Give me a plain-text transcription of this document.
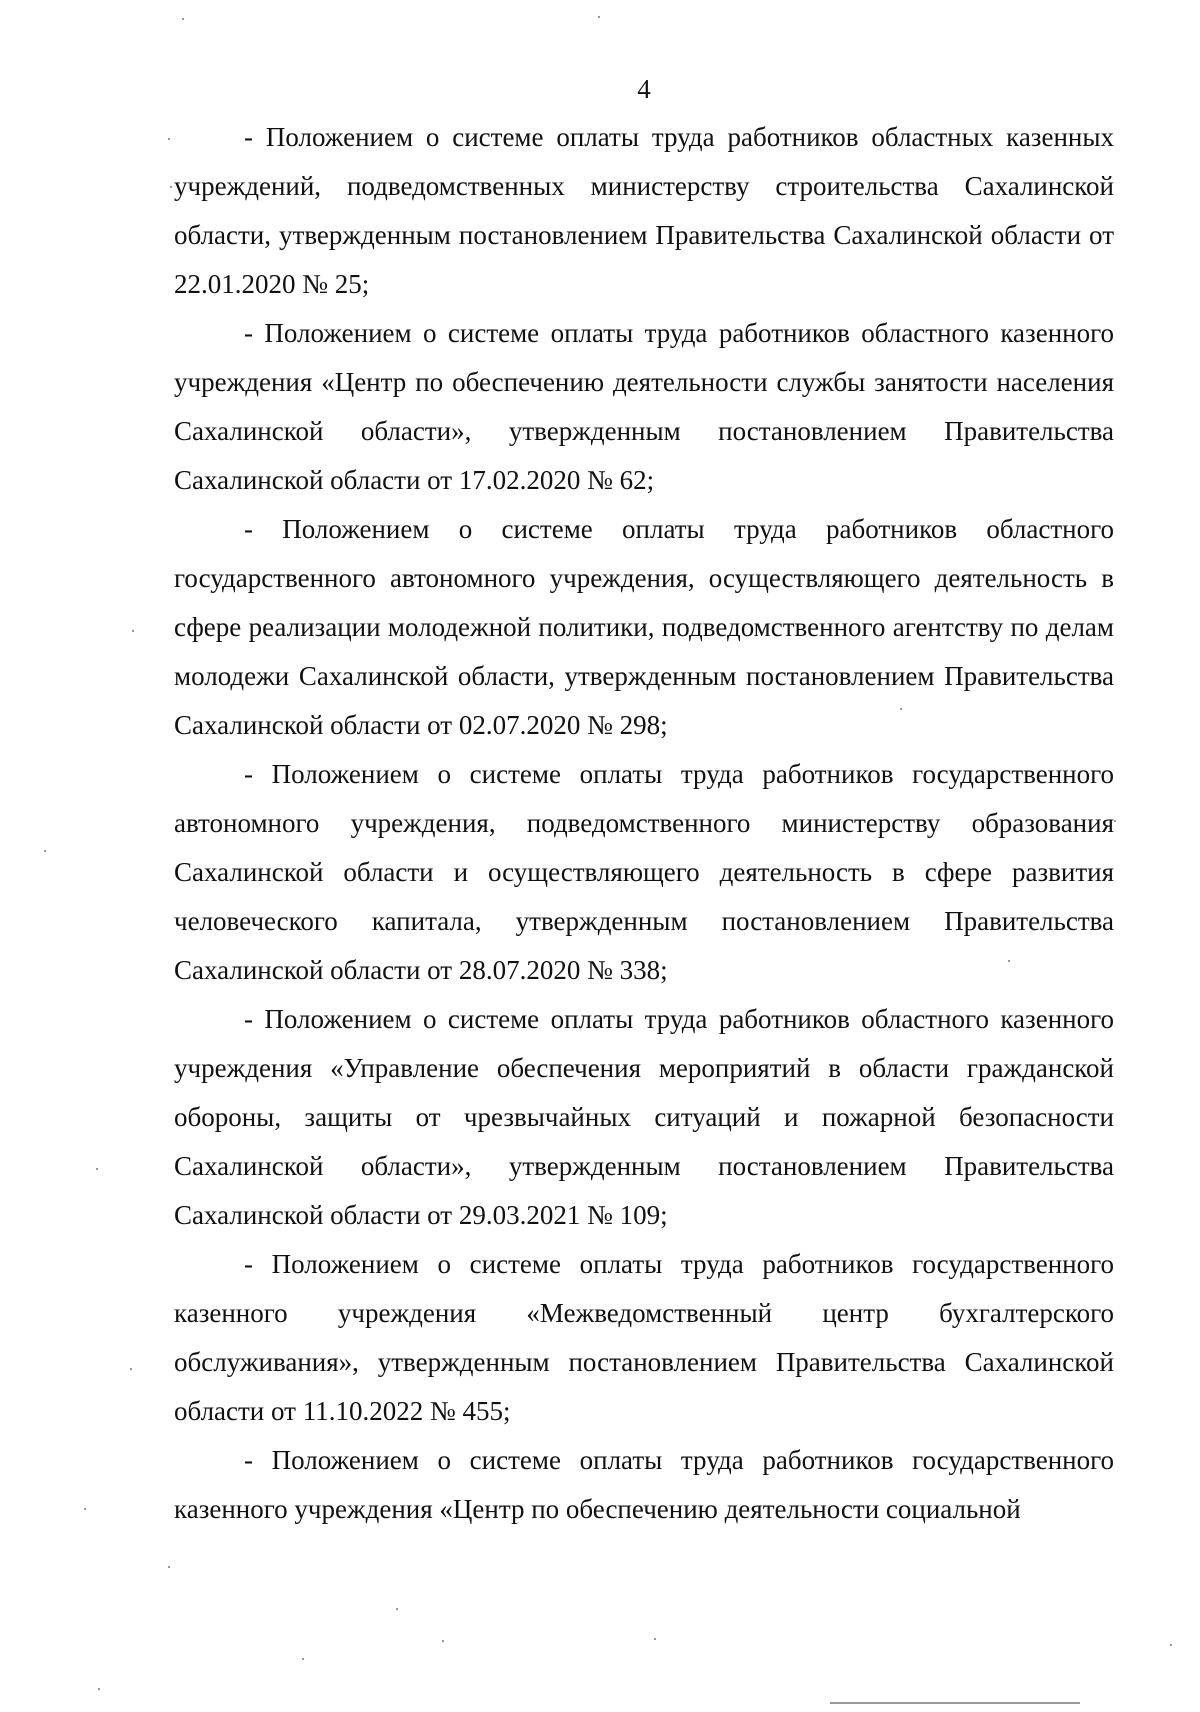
4

- Положением о системе оплаты труда работников областных казенных учреждений, подведомственных министерству строительства Сахалинской области, утвержденным постановлением Правительства Сахалинской области от 22.01.2020 № 25;

- Положением о системе оплаты труда работников областного казенного учреждения «Центр по обеспечению деятельности службы занятости населения Сахалинской области», утвержденным постановлением Правительства Сахалинской области от 17.02.2020 № 62;

- Положением о системе оплаты труда работников областного государственного автономного учреждения, осуществляющего деятельность в сфере реализации молодежной политики, подведомственного агентству по делам молодежи Сахалинской области, утвержденным постановлением Правительства Сахалинской области от 02.07.2020 № 298;

- Положением о системе оплаты труда работников государственного автономного учреждения, подведомственного министерству образования Сахалинской области и осуществляющего деятельность в сфере развития человеческого капитала, утвержденным постановлением Правительства Сахалинской области от 28.07.2020 № 338;

- Положением о системе оплаты труда работников областного казенного учреждения «Управление обеспечения мероприятий в области гражданской обороны, защиты от чрезвычайных ситуаций и пожарной безопасности Сахалинской области», утвержденным постановлением Правительства Сахалинской области от 29.03.2021 № 109;

- Положением о системе оплаты труда работников государственного казенного учреждения «Межведомственный центр бухгалтерского обслуживания», утвержденным постановлением Правительства Сахалинской области от 11.10.2022 № 455;

- Положением о системе оплаты труда работников государственного казенного учреждения «Центр по обеспечению деятельности социальной
